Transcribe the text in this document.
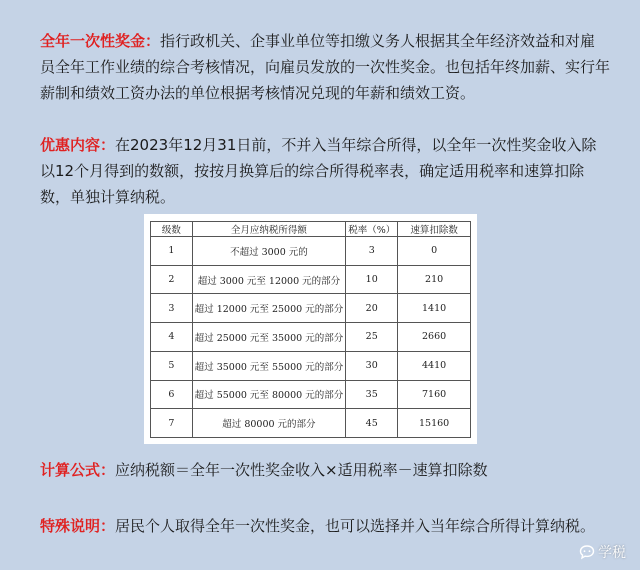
全年一次性奖金：指行政机关、企事业单位等扣缴义务人根据其全年经济效益和对雇员全年工作业绩的综合考核情况，向雇员发放的一次性奖金。也包括年终加薪、实行年薪制和绩效工资办法的单位根据考核情况兑现的年薪和绩效工资。

优惠内容：在2023年12月31日前，不并入当年综合所得，以全年一次性奖金收入除以12个月得到的数额，按按月换算后的综合所得税率表，确定适用税率和速算扣除数，单独计算纳税。

级数	全月应纳税所得额	税率（%）	速算扣除数
1	不超过 3000 元的	3	0
2	超过 3000 元至 12000 元的部分	10	210
3	超过 12000 元至 25000 元的部分	20	1410
4	超过 25000 元至 35000 元的部分	25	2660
5	超过 35000 元至 55000 元的部分	30	4410
6	超过 55000 元至 80000 元的部分	35	7160
7	超过 80000 元的部分	45	15160

计算公式：应纳税额＝全年一次性奖金收入×适用税率－速算扣除数

特殊说明：居民个人取得全年一次性奖金，也可以选择并入当年综合所得计算纳税。

学税
